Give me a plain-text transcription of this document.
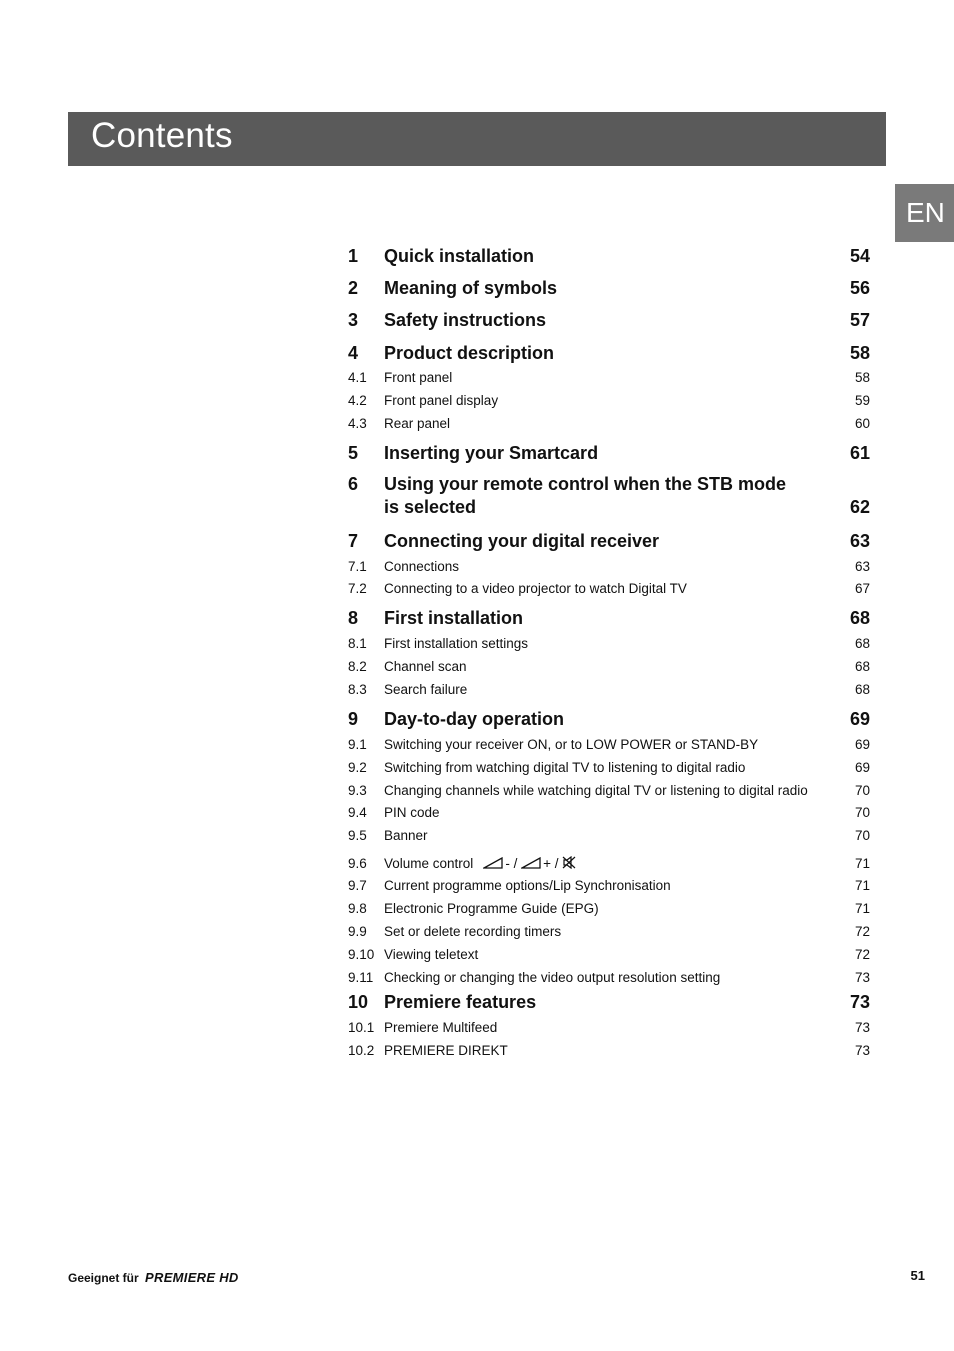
Contents
EN
1 Quick installation	54
2 Meaning of symbols	56
3 Safety instructions	57
4 Product description	58
4.1 Front panel	58
4.2 Front panel display	59
4.3 Rear panel	60
5 Inserting your Smartcard	61
6 Using your remote control when the STB mode
is selected	62
7 Connecting your digital receiver	63
7.1 Connections	63
7.2 Connecting to a video projector to watch Digital TV	67
8 First installation	68
8.1 First installation settings	68
8.2 Channel scan	68
8.3 Search failure	68
9 Day-to-day operation	69
9.1 Switching your receiver ON, or to LOW POWER or STAND-BY	69
9.2 Switching from watching digital TV to listening to digital radio	69
9.3 Changing channels while watching digital TV or listening to digital radio	70
9.4 PIN code	70
9.5 Banner	70
9.6 Volume control - / + /	71
9.7 Current programme options/Lip Synchronisation	71
9.8 Electronic Programme Guide (EPG)	71
9.9 Set or delete recording timers	72
9.10 Viewing teletext	72
9.11 Checking or changing the video output resolution setting	73
10 Premiere features	73
10.1 Premiere Multifeed	73
10.2 PREMIERE DIREKT	73
Geeignet für PREMIERE HD	51
